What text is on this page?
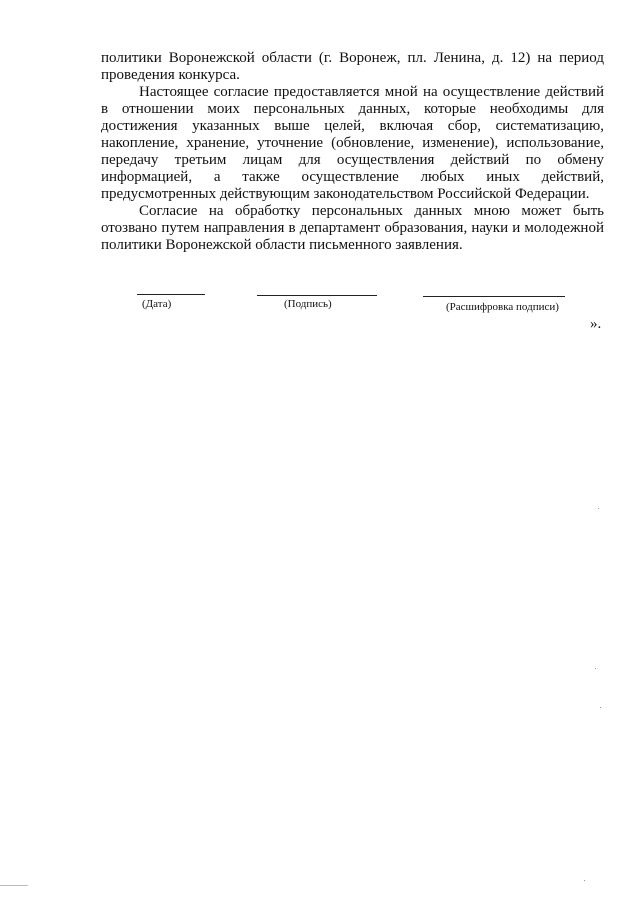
политики Воронежской области (г. Воронеж, пл. Ленина, д. 12) на период проведения конкурса.

Настоящее согласие предоставляется мной на осуществление действий в отношении моих персональных данных, которые необходимы для достижения указанных выше целей, включая сбор, систематизацию, накопление, хранение, уточнение (обновление, изменение), использование, передачу третьим лицам для осуществления действий по обмену информацией, а также осуществление любых иных действий, предусмотренных действующим законодательством Российской Федерации.

Согласие на обработку персональных данных мною может быть отозвано путем направления в департамент образования, науки и молодежной политики Воронежской области письменного заявления.

(Дата)	(Подпись)	(Расшифровка подписи)
».
